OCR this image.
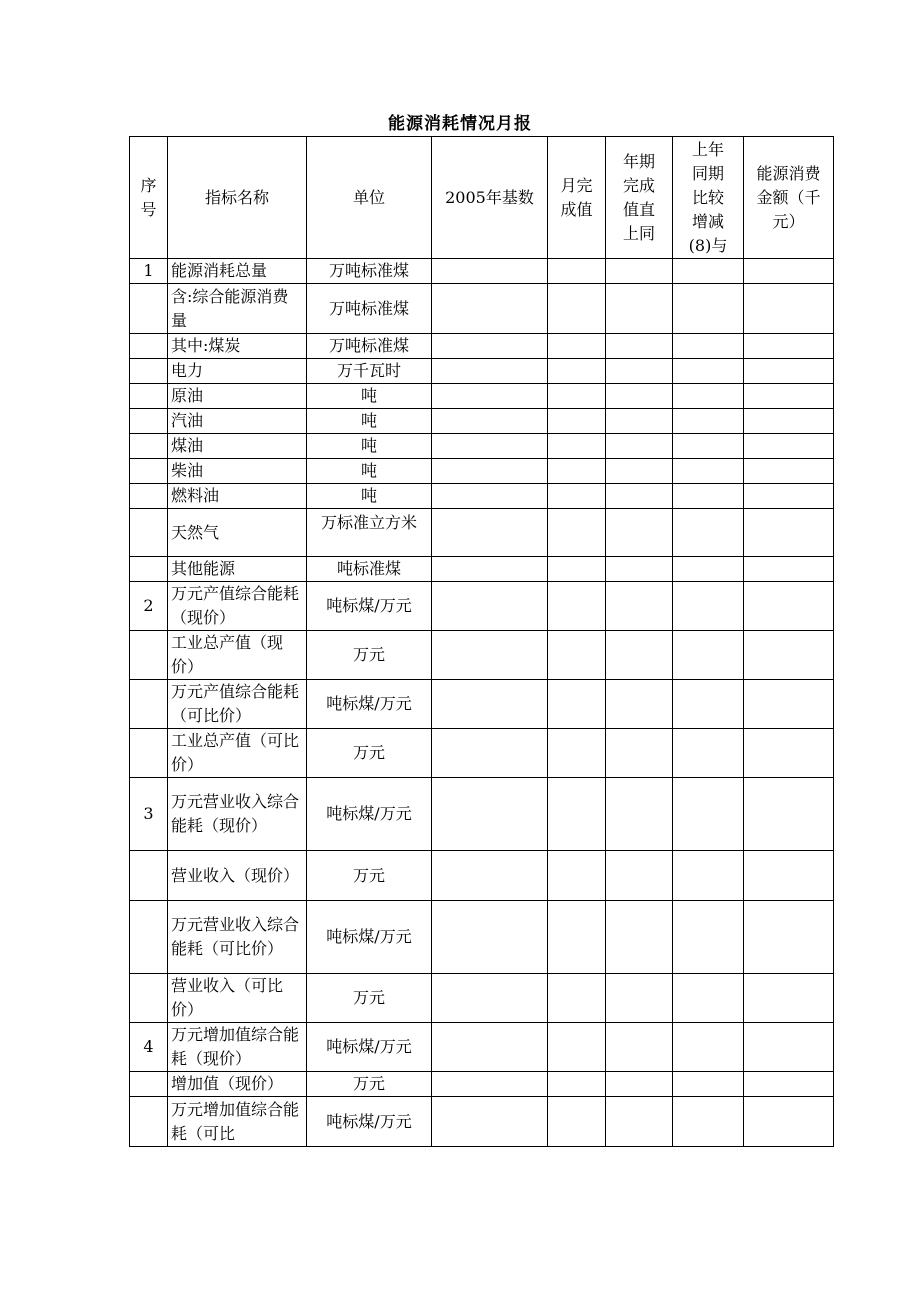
能源消耗情况月报
序号	指标名称	单位	2005年基数	月完成值	年期完成值直上同	上年同期比较增减(8)与	能源消费金额（千元）
1	能源消耗总量	万吨标准煤					
	含:综合能源消费量	万吨标准煤					
	其中:煤炭	万吨标准煤					
	电力	万千瓦时					
	原油	吨					
	汽油	吨					
	煤油	吨					
	柴油	吨					
	燃料油	吨					
	天然气	万标准立方米					
	其他能源	吨标准煤					
2	万元产值综合能耗（现价）	吨标煤/万元					
	工业总产值（现价）	万元					
	万元产值综合能耗（可比价）	吨标煤/万元					
	工业总产值（可比价）	万元					
3	万元营业收入综合能耗（现价）	吨标煤/万元					
	营业收入（现价）	万元					
	万元营业收入综合能耗（可比价）	吨标煤/万元					
	营业收入（可比价）	万元					
4	万元增加值综合能耗（现价）	吨标煤/万元					
	增加值（现价）	万元					
	万元增加值综合能耗（可比	吨标煤/万元					
